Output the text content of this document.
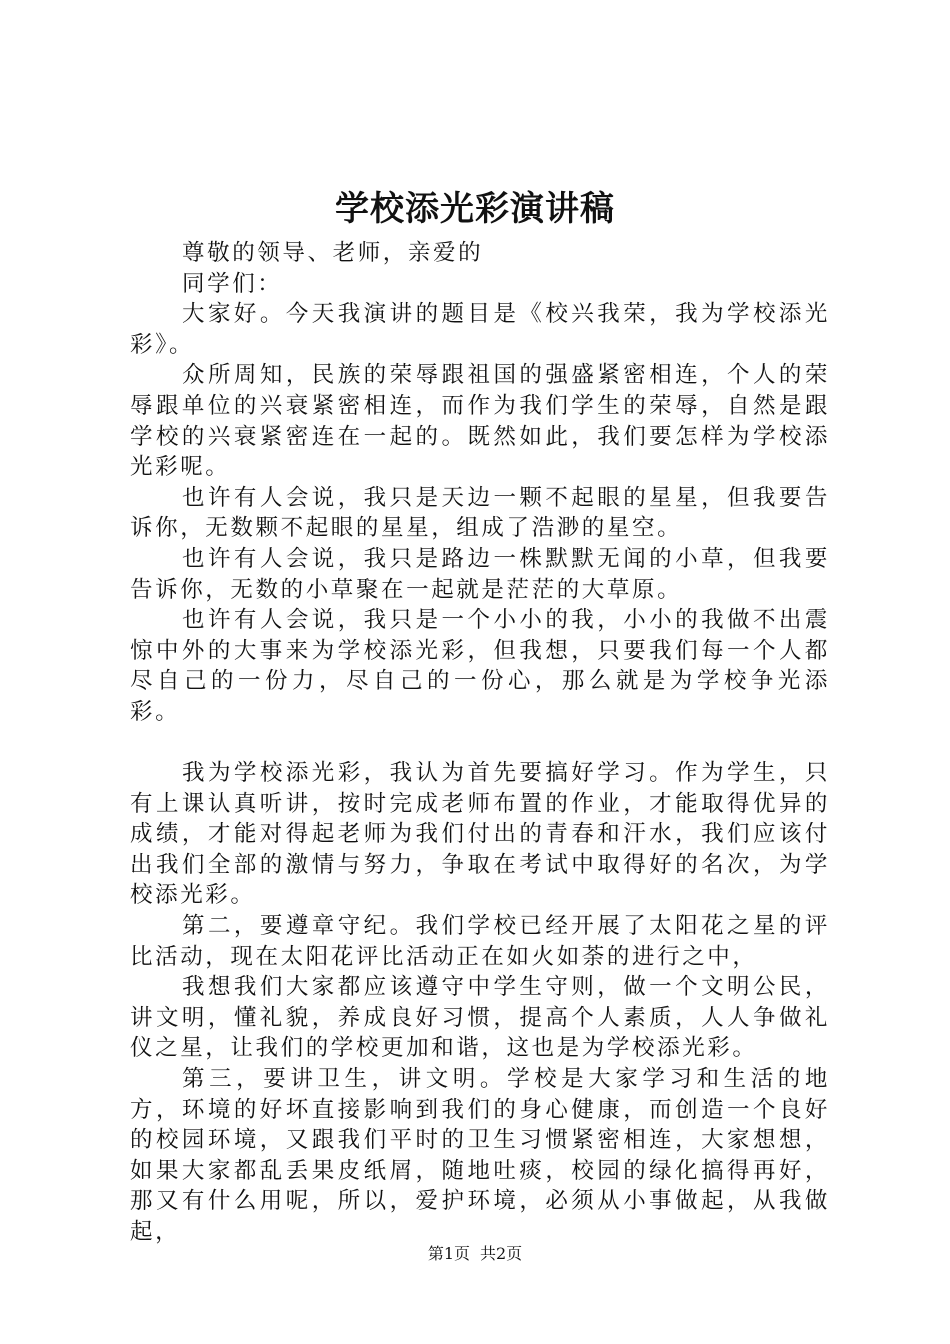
学校添光彩演讲稿

尊敬的领导、老师，亲爱的

同学们：

大家好。今天我演讲的题目是《校兴我荣，我为学校添光彩》。

众所周知，民族的荣辱跟祖国的强盛紧密相连，个人的荣辱跟单位的兴衰紧密相连，而作为我们学生的荣辱，自然是跟学校的兴衰紧密连在一起的。既然如此，我们要怎样为学校添光彩呢。

也许有人会说，我只是天边一颗不起眼的星星，但我要告诉你，无数颗不起眼的星星，组成了浩渺的星空。

也许有人会说，我只是路边一株默默无闻的小草，但我要告诉你，无数的小草聚在一起就是茫茫的大草原。

也许有人会说，我只是一个小小的我，小小的我做不出震惊中外的大事来为学校添光彩，但我想，只要我们每一个人都尽自己的一份力，尽自己的一份心，那么就是为学校争光添彩。

我为学校添光彩，我认为首先要搞好学习。作为学生，只有上课认真听讲，按时完成老师布置的作业，才能取得优异的成绩，才能对得起老师为我们付出的青春和汗水，我们应该付出我们全部的激情与努力，争取在考试中取得好的名次，为学校添光彩。

第二，要遵章守纪。我们学校已经开展了太阳花之星的评比活动，现在太阳花评比活动正在如火如荼的进行之中，

我想我们大家都应该遵守中学生守则，做一个文明公民，讲文明，懂礼貌，养成良好习惯，提高个人素质，人人争做礼仪之星，让我们的学校更加和谐，这也是为学校添光彩。

第三，要讲卫生，讲文明。学校是大家学习和生活的地方，环境的好坏直接影响到我们的身心健康，而创造一个良好的校园环境，又跟我们平时的卫生习惯紧密相连，大家想想，如果大家都乱丢果皮纸屑，随地吐痰，校园的绿化搞得再好，那又有什么用呢，所以，爱护环境，必须从小事做起，从我做起，

第1页 共2页
